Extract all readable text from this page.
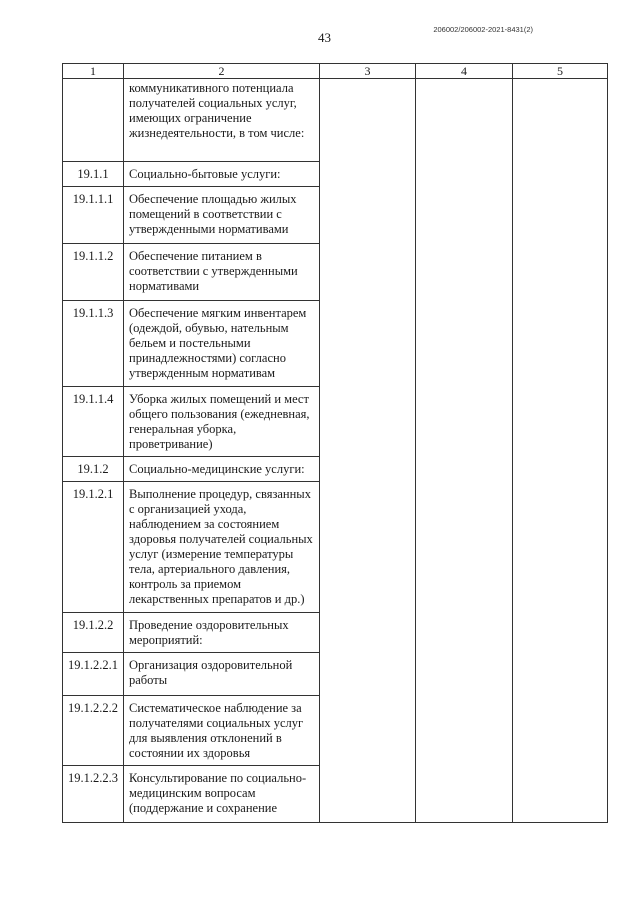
43
206002/206002-2021-8431(2)
1	2	3	4	5
	коммуникативного потенциала получателей социальных услуг, имеющих ограничение жизнедеятельности, в том числе:			
19.1.1	Социально-бытовые услуги:			
19.1.1.1	Обеспечение площадью жилых помещений в соответствии с утвержденными нормативами			
19.1.1.2	Обеспечение питанием в соответствии с утвержденными нормативами			
19.1.1.3	Обеспечение мягким инвентарем (одеждой, обувью, нательным бельем и постельными принадлежностями) согласно утвержденным нормативам			
19.1.1.4	Уборка жилых помещений и мест общего пользования (ежедневная, генеральная уборка, проветривание)			
19.1.2	Социально-медицинские услуги:			
19.1.2.1	Выполнение процедур, связанных с организацией ухода, наблюдением за состоянием здоровья получателей социальных услуг (измерение температуры тела, артериального давления, контроль за приемом лекарственных препаратов и др.)			
19.1.2.2	Проведение оздоровительных мероприятий:			
19.1.2.2.1	Организация оздоровительной работы			
19.1.2.2.2	Систематическое наблюдение за получателями социальных услуг для выявления отклонений в состоянии их здоровья			
19.1.2.2.3	Консультирование по социально-медицинским вопросам (поддержание и сохранение			
